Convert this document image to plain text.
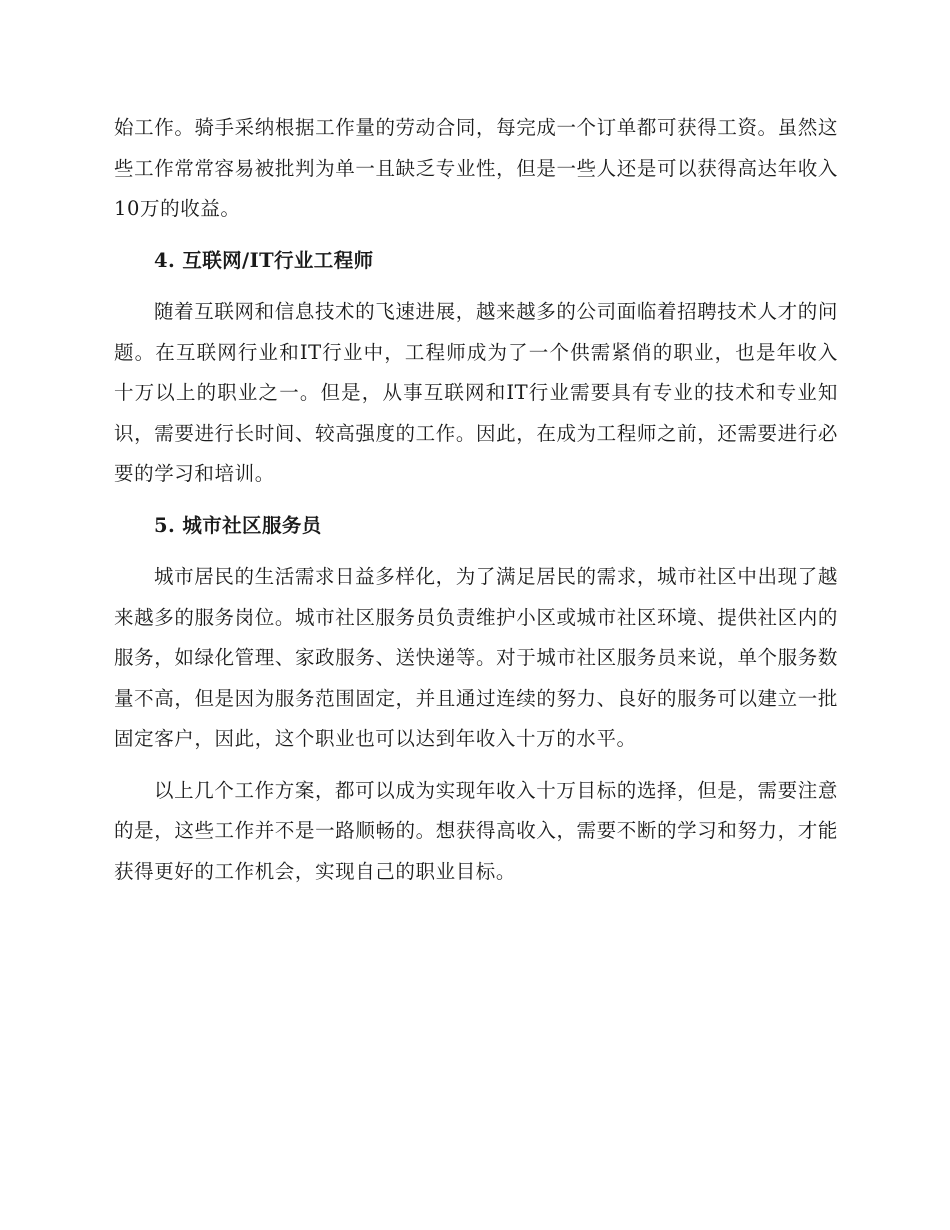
始工作。骑手采纳根据工作量的劳动合同，每完成一个订单都可获得工资。虽然这些工作常常容易被批判为单一且缺乏专业性，但是一些人还是可以获得高达年收入10万的收益。

4. 互联网/IT行业工程师

随着互联网和信息技术的飞速进展，越来越多的公司面临着招聘技术人才的问题。在互联网行业和IT行业中，工程师成为了一个供需紧俏的职业，也是年收入十万以上的职业之一。但是，从事互联网和IT行业需要具有专业的技术和专业知识，需要进行长时间、较高强度的工作。因此，在成为工程师之前，还需要进行必要的学习和培训。

5. 城市社区服务员

城市居民的生活需求日益多样化，为了满足居民的需求，城市社区中出现了越来越多的服务岗位。城市社区服务员负责维护小区或城市社区环境、提供社区内的服务，如绿化管理、家政服务、送快递等。对于城市社区服务员来说，单个服务数量不高，但是因为服务范围固定，并且通过连续的努力、良好的服务可以建立一批固定客户，因此，这个职业也可以达到年收入十万的水平。

以上几个工作方案，都可以成为实现年收入十万目标的选择，但是，需要注意的是，这些工作并不是一路顺畅的。想获得高收入，需要不断的学习和努力，才能获得更好的工作机会，实现自己的职业目标。
